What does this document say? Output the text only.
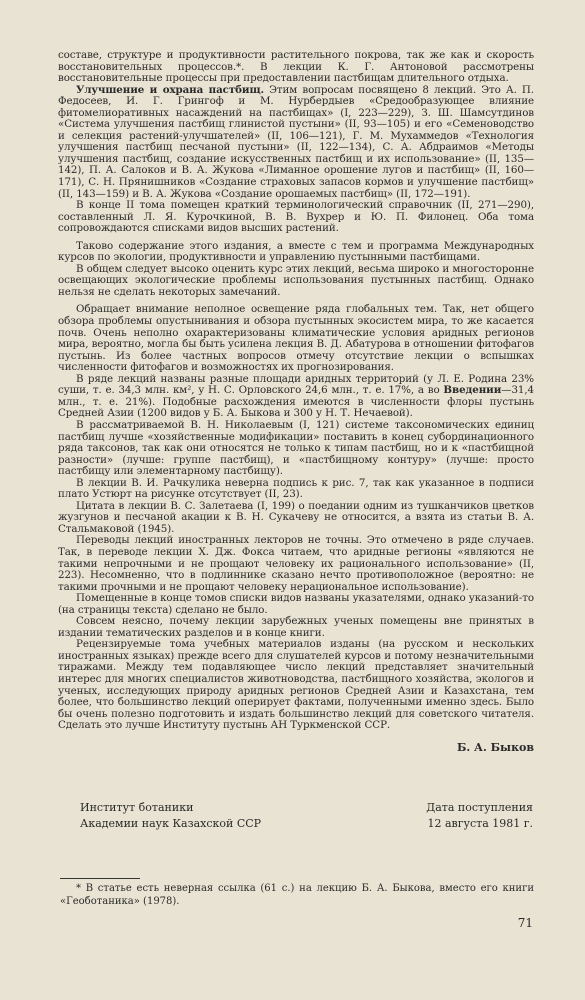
составе, структуре и продуктивности растительного покрова, так же как и скорость восстановительных процессов.*. В лекции К. Г. Антоновой рассмотрены восстановительные процессы при предоставлении пастбищам длительного отдыха.

Улучшение и охрана пастбищ. Этим вопросам посвящено 8 лекций. Это А. П. Федосеев, И. Г. Грингоф и М. Нурбердыев «Средообразующее влияние фитомелиоративных насаждений на пастбищах» (I, 223—229), З. Ш. Шамсутдинов «Система улучшения пастбищ глинистой пустыни» (II, 93—105) и его «Семеноводство и селекция растений-улучшателей» (II, 106—121), Г. М. Мухаммедов «Технология улучшения пастбищ песчаной пустыни» (II, 122—134), С. А. Абдраимов «Методы улучшения пастбищ, создание искусственных пастбищ и их использование» (II, 135—142), П. А. Салоков и В. А. Жукова «Лиманное орошение лугов и пастбищ» (II, 160—171), С. Н. Прянишников «Создание страховых запасов кормов и улучшение пастбищ» (II, 143—159) и В. А. Жукова «Создание орошаемых пастбищ» (II, 172—191).

В конце II тома помещен краткий терминологический справочник (II, 271—290), составленный Л. Я. Курочкиной, В. В. Вухрер и Ю. П. Филонец. Оба тома сопровождаются списками видов высших растений.

Таково содержание этого издания, а вместе с тем и программа Международных курсов по экологии, продуктивности и управлению пустынными пастбищами.

В общем следует высоко оценить курс этих лекций, весьма широко и многосторонне освещающих экологические проблемы использования пустынных пастбищ. Однако нельзя не сделать некоторых замечаний.

Обращает внимание неполное освещение ряда глобальных тем. Так, нет общего обзора проблемы опустынивания и обзора пустынных экосистем мира, то же касается почв. Очень неполно охарактеризованы климатические условия аридных регионов мира, вероятно, могла бы быть усилена лекция В. Д. Абатурова в отношении фитофагов пустынь. Из более частных вопросов отмечу отсутствие лекции о вспышках численности фитофагов и возможностях их прогнозирования.

В ряде лекций названы разные площади аридных территорий (у Л. Е. Родина 23% суши, т. е. 34,3 млн. км², у Н. С. Орловского 24,6 млн., т. е. 17%, а во Введении—31,4 млн., т. е. 21%). Подобные расхождения имеются в численности флоры пустынь Средней Азии (1200 видов у Б. А. Быкова и 300 у Н. Т. Нечаевой).

В рассматриваемой В. Н. Николаевым (I, 121) системе таксономических единиц пастбищ лучше «хозяйственные модификации» поставить в конец субординационного ряда таксонов, так как они относятся не только к типам пастбищ, но и к «пастбищной разности» (лучше: группе пастбищ), и «пастбищному контуру» (лучше: просто пастбищу или элементарному пастбищу).

В лекции В. И. Рачкулика неверна подпись к рис. 7, так как указанное в подписи плато Устюрт на рисунке отсутствует (II, 23).

Цитата в лекции В. С. Залетаева (I, 199) о поедании одним из тушканчиков цветков жузгунов и песчаной акации к В. Н. Сукачеву не относится, а взята из статьи В. А. Стальмаковой (1945).

Переводы лекций иностранных лекторов не точны. Это отмечено в ряде случаев. Так, в переводе лекции Х. Дж. Фокса читаем, что аридные регионы «являются не такими непрочными и не прощают человеку их рационального использование» (II, 223). Несомненно, что в подлиннике сказано нечто противоположное (вероятно: не такими прочными и не прощают человеку нерациональное использование).

Помещенные в конце томов списки видов названы указателями, однако указаний-то (на страницы текста) сделано не было.

Совсем неясно, почему лекции зарубежных ученых помещены вне принятых в издании тематических разделов и в конце книги.

Рецензируемые тома учебных материалов изданы (на русском и нескольких иностранных языках) прежде всего для слушателей курсов и потому незначительными тиражами. Между тем подавляющее число лекций представляет значительный интерес для многих специалистов животноводства, пастбищного хозяйства, экологов и ученых, исследующих природу аридных регионов Средней Азии и Казахстана, тем более, что большинство лекций оперирует фактами, полученными именно здесь. Было бы очень полезно подготовить и издать большинство лекций для советского читателя. Сделать это лучше Институту пустынь АН Туркменской ССР.

Б. А. Быков
Институт ботаники
Академии наук Казахской ССР
Дата поступления
12 августа 1981 г.
* В статье есть неверная ссылка (61 с.) на лекцию Б. А. Быкова, вместо его книги «Геоботаника» (1978).
71
